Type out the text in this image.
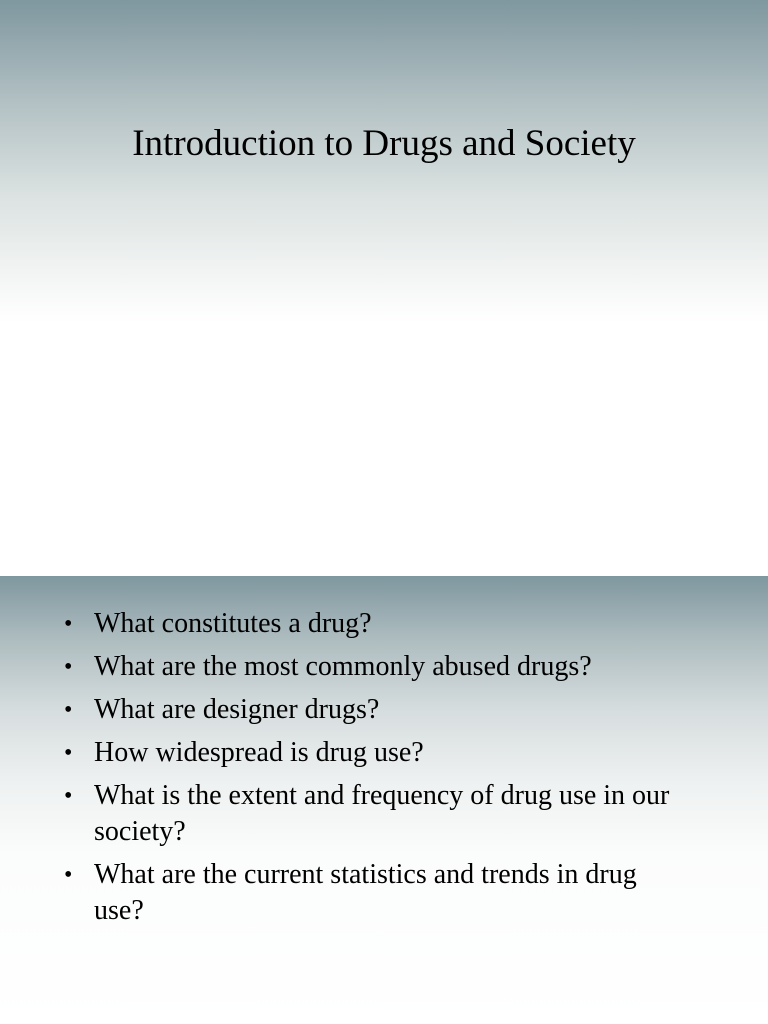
Introduction to Drugs and Society
• What constitutes a drug?
• What are the most commonly abused drugs?
• What are designer drugs?
• How widespread is drug use?
• What is the extent and frequency of drug use in our society?
• What are the current statistics and trends in drug use?
